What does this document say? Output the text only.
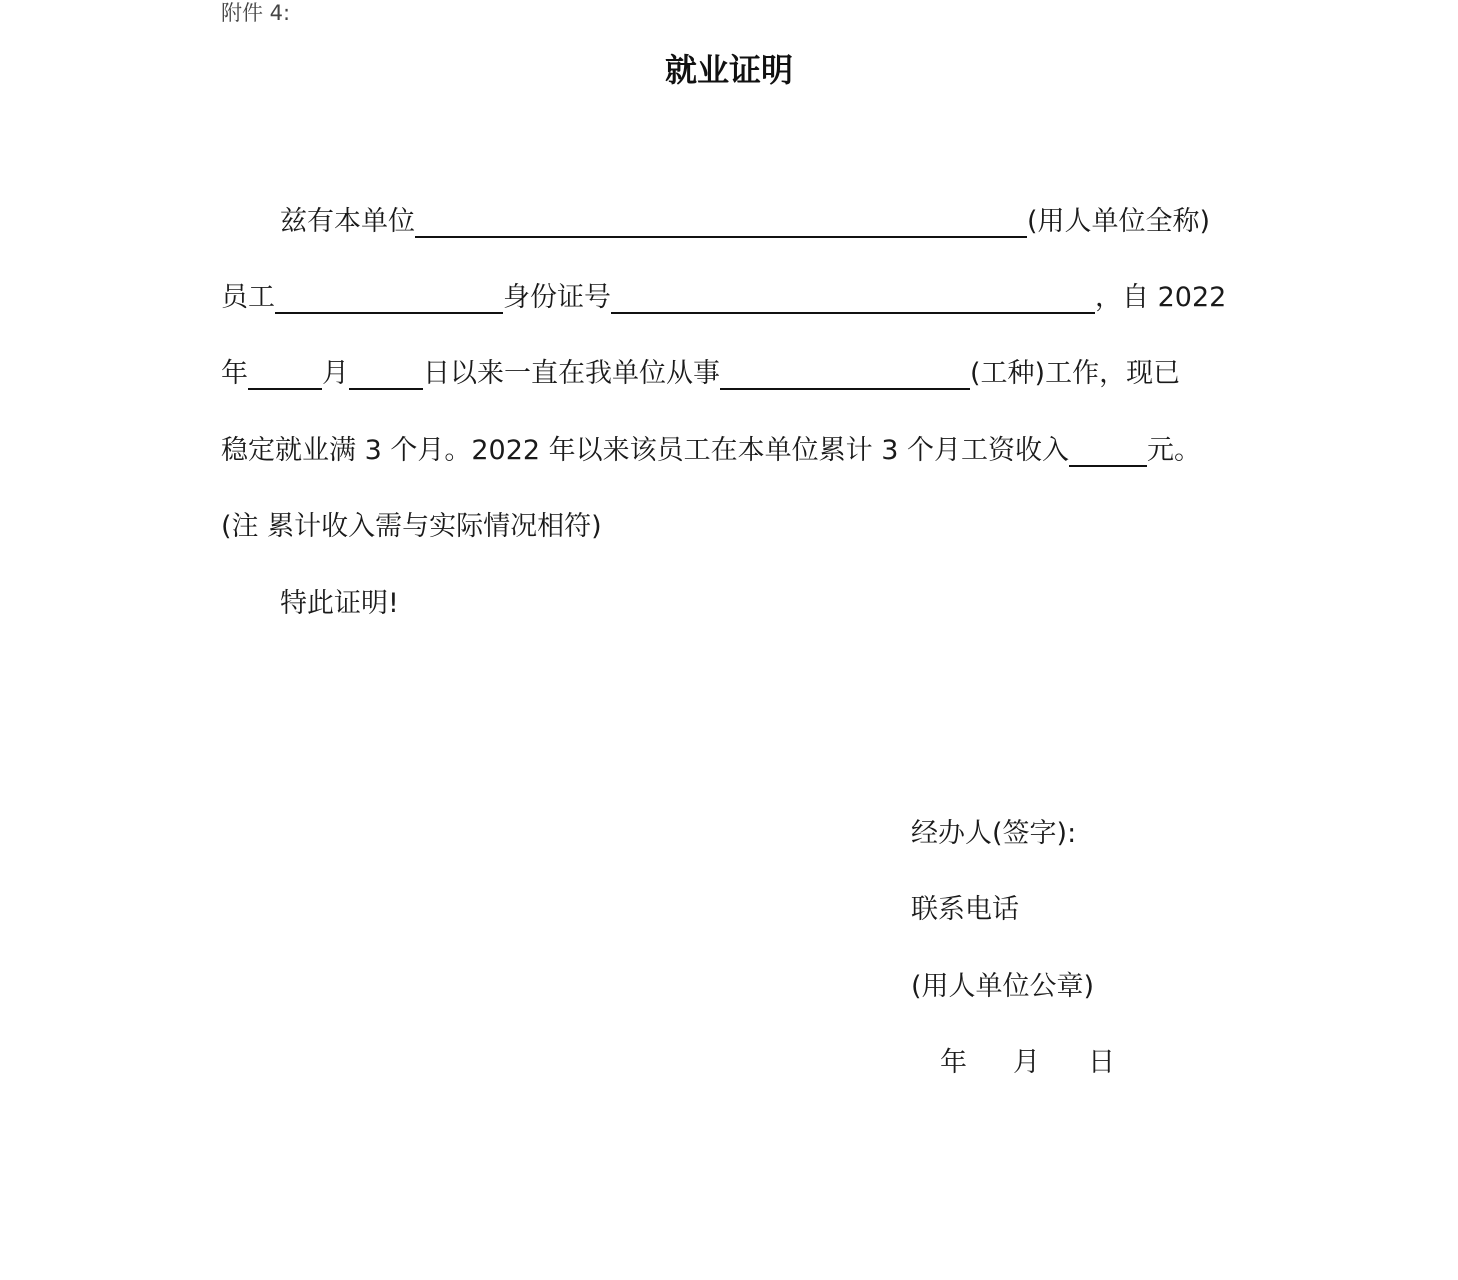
附件 4:
就业证明
兹有本单位	(用人单位全称)
员工	身份证号	，自 2022
年	月	日以来一直在我单位从事	(工种)工作，现已
稳定就业满 3 个月。2022 年以来该员工在本单位累计 3 个月工资收入	元。
(注 累计收入需与实际情况相符)
特此证明!
经办人(签字):
联系电话
(用人单位公章)
年 月 日
